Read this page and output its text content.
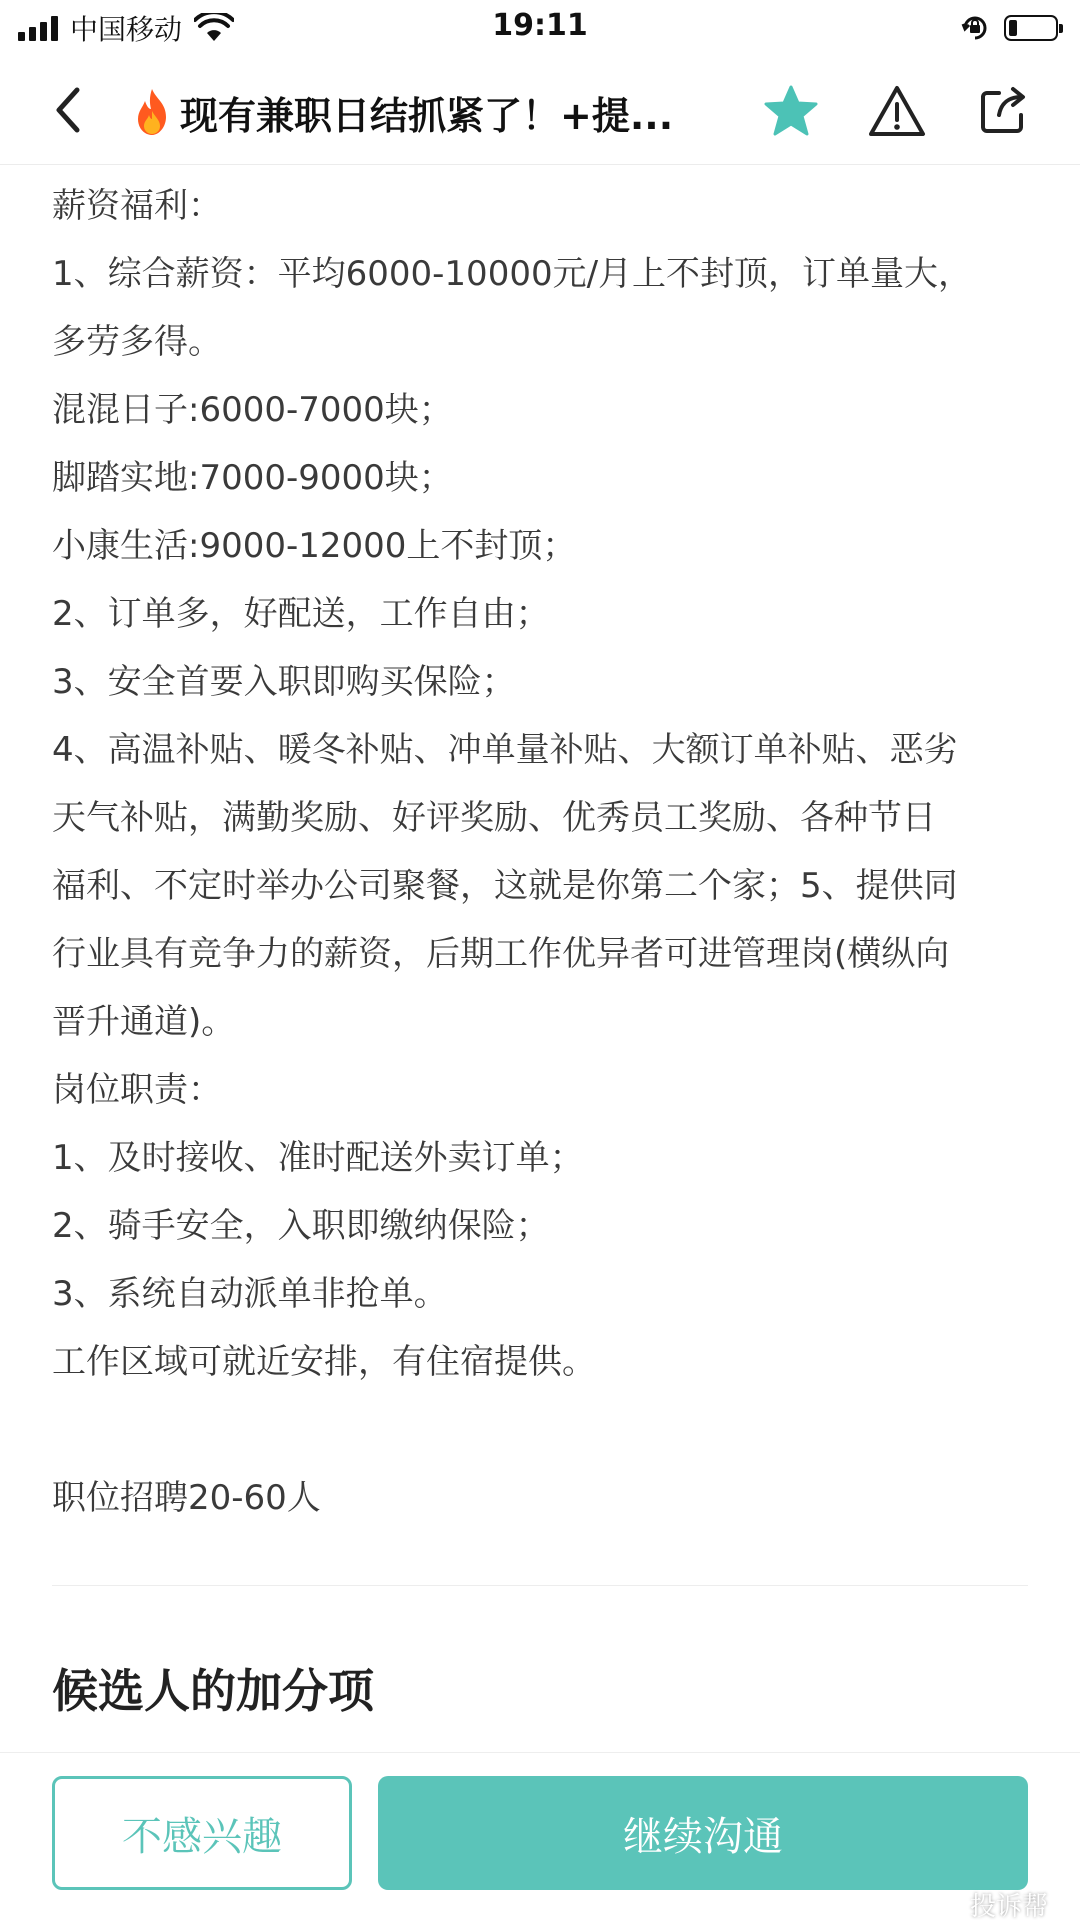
中国移动	19:11
现有兼职日结抓紧了！+提...

薪资福利：

1、综合薪资：平均6000-10000元/月上不封顶，订单量大，

多劳多得。

混混日子:6000-7000块；

脚踏实地:7000-9000块；

小康生活:9000-12000上不封顶；

2、订单多，好配送，工作自由；

3、安全首要入职即购买保险；

4、高温补贴、暖冬补贴、冲单量补贴、大额订单补贴、恶劣

天气补贴，满勤奖励、好评奖励、优秀员工奖励、各种节日

福利、不定时举办公司聚餐，这就是你第二个家；5、提供同

行业具有竞争力的薪资，后期工作优异者可进管理岗(横纵向

晋升通道)。

岗位职责：

1、及时接收、准时配送外卖订单；

2、骑手安全，入职即缴纳保险；

3、系统自动派单非抢单。

工作区域可就近安排，有住宿提供。

职位招聘20-60人

候选人的加分项
不感兴趣	继续沟通
投诉帮
